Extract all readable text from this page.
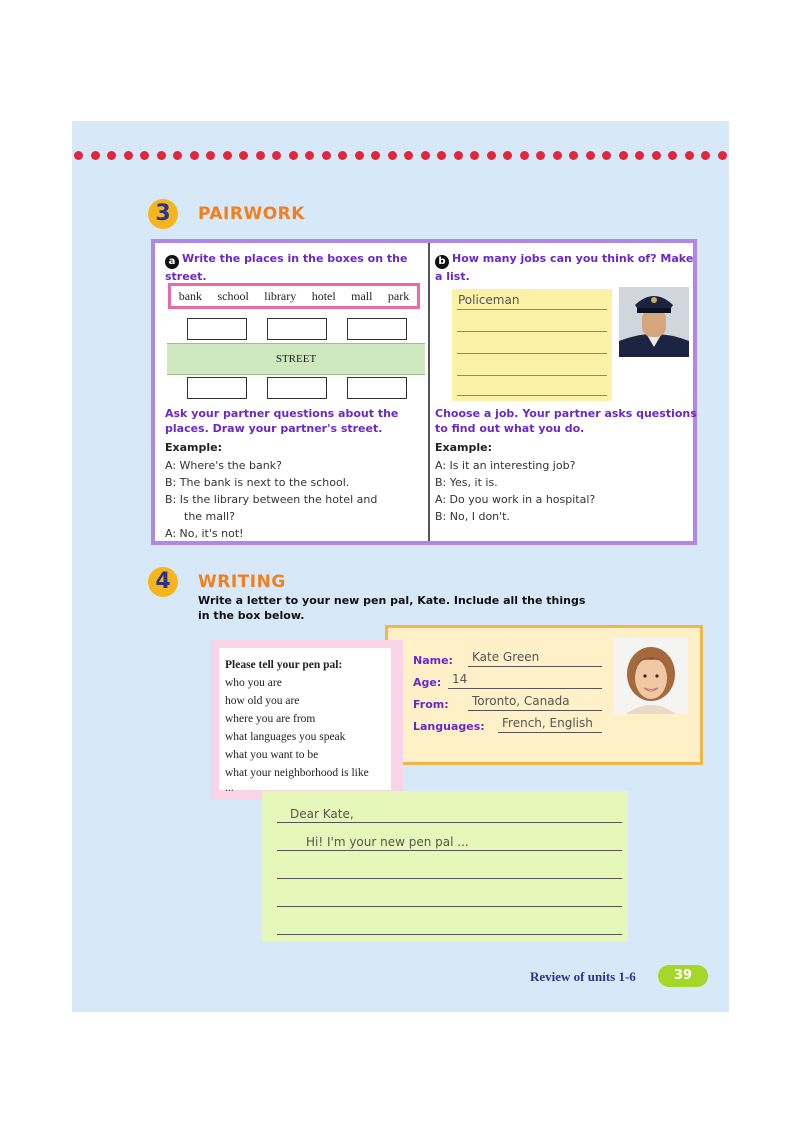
3	PAIRWORK
a Write the places in the boxes on the street.
bank school library hotel mall park
STREET
Ask your partner questions about the places. Draw your partner's street.
Example:
A: Where's the bank?
B: The bank is next to the school.
B: Is the library between the hotel and
the mall?
A: No, it's not!
b How many jobs can you think of? Make a list.
Policeman
Choose a job. Your partner asks questions to find out what you do.
Example:
A: Is it an interesting job?
B: Yes, it is.
A: Do you work in a hospital?
B: No, I don't.
4	WRITING
Write a letter to your new pen pal, Kate. Include all the things
in the box below.
Name:	Kate Green
Age: 14
From:	Toronto, Canada
Languages:	French, English
Please tell your pen pal:
who you are
how old you are
where you are from
what languages you speak
what you want to be
what your neighborhood is like
...
Dear Kate,
Hi! I'm your new pen pal ...
Review of units 1-6	39
